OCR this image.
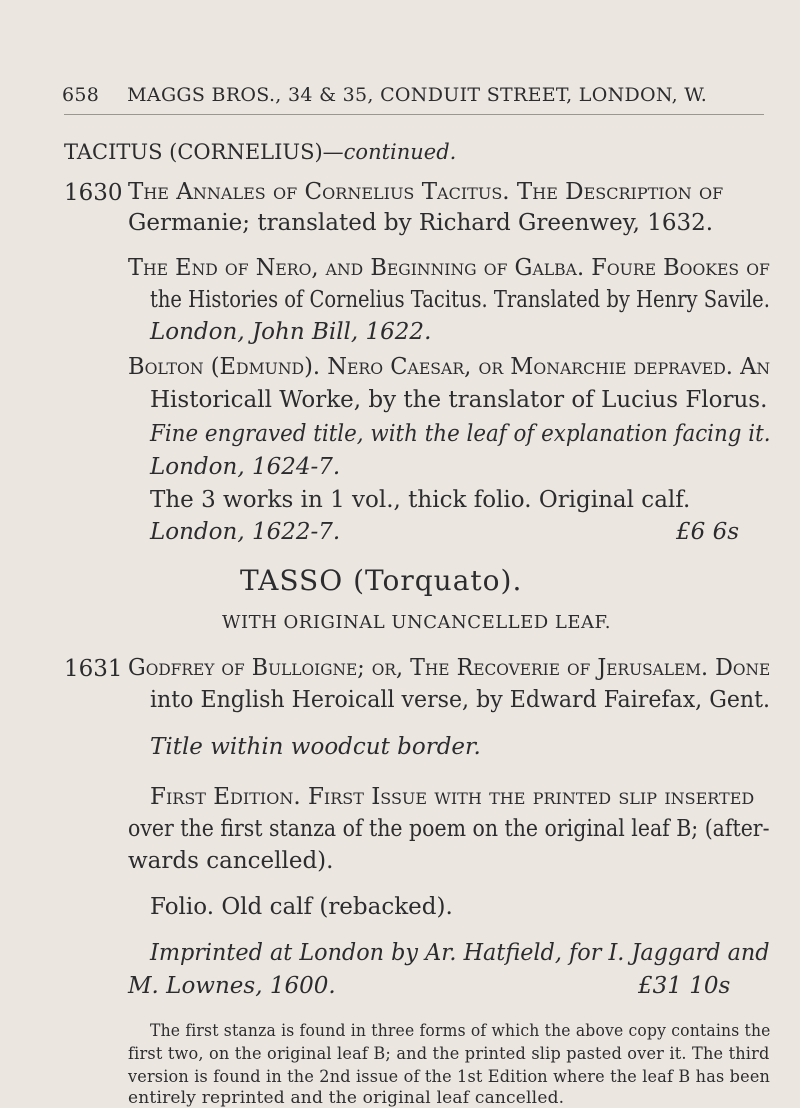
658 MAGGS BROS., 34 & 35, CONDUIT STREET, LONDON, W.
TACITUS (CORNELIUS)—continued.
1630 The Annales of Cornelius Tacitus. The Description of
Germanie; translated by Richard Greenwey, 1632.
The End of Nero, and Beginning of Galba. Foure Bookes of
the Histories of Cornelius Tacitus. Translated by Henry Savile.
London, John Bill, 1622.
Bolton (Edmund). Nero Caesar, or Monarchie depraved. An
Historicall Worke, by the translator of Lucius Florus.
Fine engraved title, with the leaf of explanation facing it.
London, 1624-7.
The 3 works in 1 vol., thick folio. Original calf.
London, 1622-7.	£6 6s
TASSO (Torquato).
WITH ORIGINAL UNCANCELLED LEAF.
1631 Godfrey of Bulloigne; or, The Recoverie of Jerusalem. Done
into English Heroicall verse, by Edward Fairefax, Gent.
Title within woodcut border.
First Edition. First Issue with the printed slip inserted
over the first stanza of the poem on the original leaf B; (after-
wards cancelled).
Folio. Old calf (rebacked).
Imprinted at London by Ar. Hatfield, for I. Jaggard and
M. Lownes, 1600.	£31 10s
The first stanza is found in three forms of which the above copy contains the
first two, on the original leaf B; and the printed slip pasted over it. The third
version is found in the 2nd issue of the 1st Edition where the leaf B has been
entirely reprinted and the original leaf cancelled.
